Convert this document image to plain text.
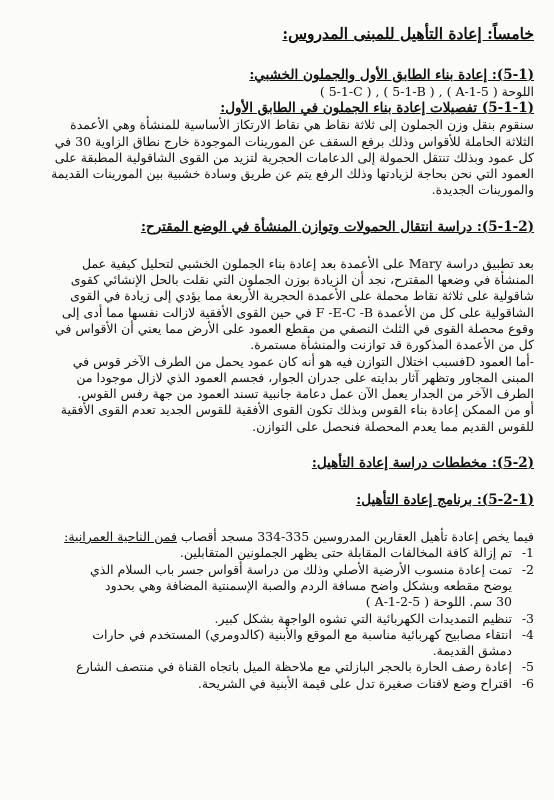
خامساً: إعادة التأهيل للمبنى المدروس:
(5-1): إعادة بناء الطابق الأول والجملون الخشبي:
اللوحة ( 5-1-A ) , ( 5-1-B ) , ( 5-1-C )
(5-1-1) تفصيلات إعادة بناء الجملون في الطابق الأول:
سنقوم بنقل وزن الجملون إلى ثلاثة نقاط هي نقاط الارتكاز الأساسية للمنشأة وهي الأعمدة
الثلاثة الحاملة للأقواس وذلك برفع السقف عن المورينات الموجودة خارج نطاق الزاوية 30 في
كل عمود وبذلك تنتقل الحمولة إلى الدعامات الحجرية لتزيد من القوى الشاقولية المطبقة على
العمود التي نحن بحاجة لزيادتها وذلك الرفع يتم عن طريق وسادة خشبية بين المورينات القديمة
والمورينات الجديدة.
(5-1-2): دراسة انتقال الحمولات وتوازن المنشأة في الوضع المقترح:
بعد تطبيق دراسة Mary على الأعمدة بعد إعادة بناء الجملون الخشبي لتحليل كيفية عمل
المنشأة في وضعها المقترح، نجد أن الزيادة بوزن الجملون التي نقلت بالحل الإنشائي كقوى
شاقولية على ثلاثة نقاط محملة على الأعمدة الحجرية الأربعة مما يؤدي إلى زيادة في القوى
الشاقولية على كل من الأعمدة F -E-C -B في حين القوى الأفقية لازالت نفسها مما أدى إلى
وقوع محصلة القوى في الثلث النصفي من مقطع العمود على الأرض مما يعني أن الأقواس في
كل من الأعمدة المذكورة قد توازنت والمنشأة مستمرة.
-أما العمود Dفسبب اختلال التوازن فيه هو أنه كان عمود يحمل من الطرف الآخر قوس في
المبنى المجاور وتظهر آثار بدايته على جدران الجوار، فجسم العمود الذي لازال موجودا من
الطرف الآخر من الجدار يعمل الآن عمل دعامة جانبية تسند العمود من جهة رفس القوس.
أو من الممكن إعادة بناء القوس وبذلك تكون القوى الأفقية للقوس الجديد تعدم القوى الأفقية
للقوس القديم مما يعدم المحصلة فنحصل على التوازن.
(5-2): مخططات دراسة إعادة التأهيل:
(5-2-1): برنامج إعادة التأهيل:
فيما يخص إعادة تأهيل العقارين المدروسين 335-334 مسجد أقصاب فمن الناحية العمرانية:
1-
تم إزالة كافة المخالفات المقابلة حتى يظهر الجملونين المتقابلين.
2-
تمت إعادة منسوب الأرضية الأصلي وذلك من دراسة أقواس جسر باب السلام الذي
يوضح مقطعه وبشكل واضح مسافة الردم والصبة الإسمنتية المضافة وهي بحدود
30 سم. اللوحة ( 5-2-1-A )
3-
تنظيم التمديدات الكهربائية التي تشوه الواجهة بشكل كبير.
4-
انتقاء مصابيح كهربائية مناسبة مع الموقع والأبنية (كالدومري) المستخدم في حارات
دمشق القديمة.
5-
إعادة رصف الحارة بالحجر البازلتي مع ملاحظة الميل باتجاه القناة في منتصف الشارع
6-
اقتراح وضع لافتات صغيرة تدل على قيمة الأبنية في الشريحة.
